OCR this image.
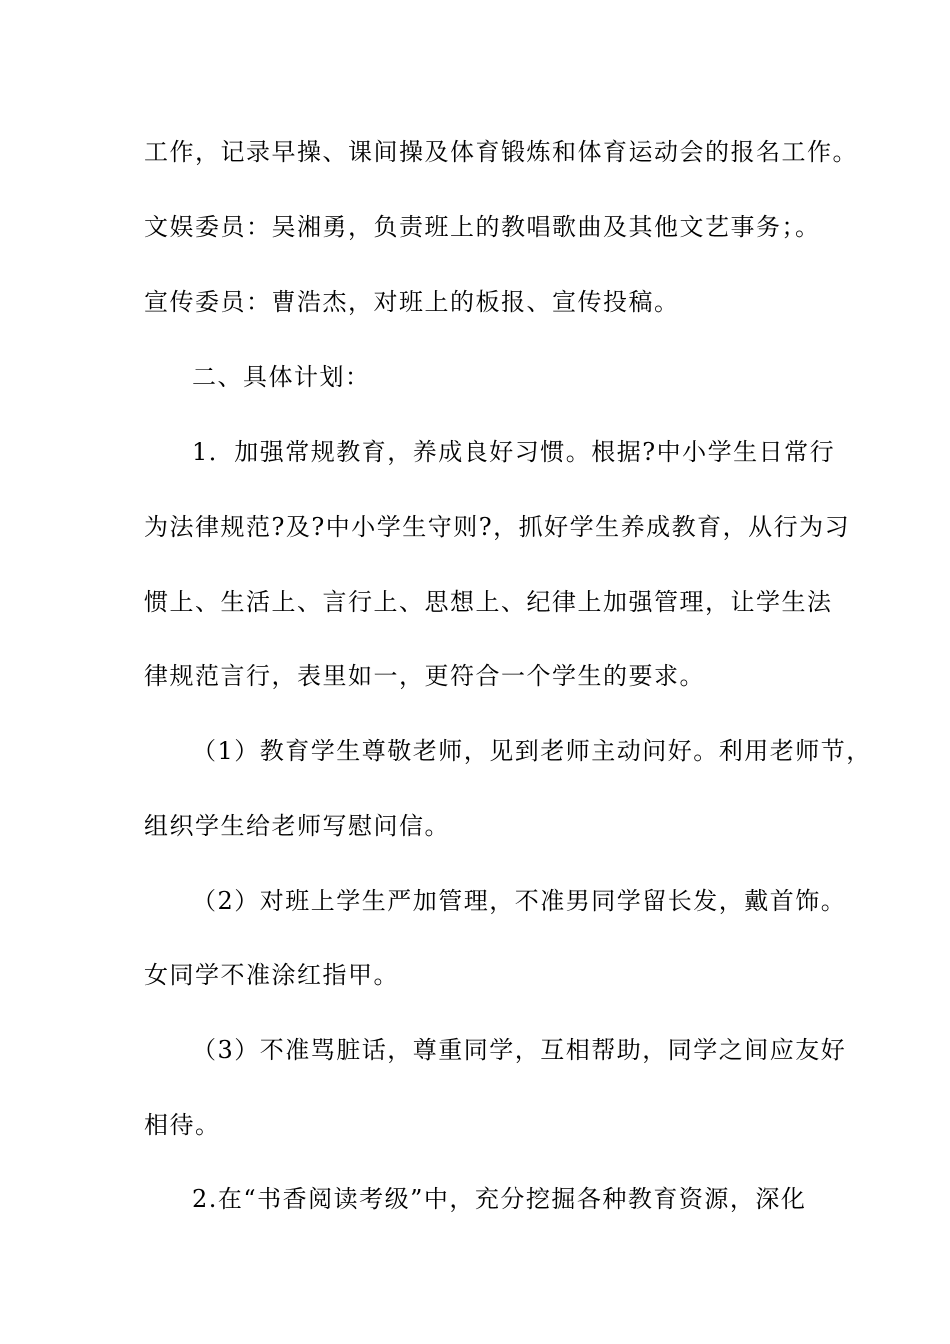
工作，记录早操、课间操及体育锻炼和体育运动会的报名工作。
文娱委员：吴湘勇，负责班上的教唱歌曲及其他文艺事务；。
宣传委员：曹浩杰，对班上的板报、宣传投稿。
二、具体计划：
1．加强常规教育，养成良好习惯。根据?中小学生日常行
为法律规范?及?中小学生守则?，抓好学生养成教育，从行为习
惯上、生活上、言行上、思想上、纪律上加强管理，让学生法
律规范言行，表里如一，更符合一个学生的要求。
（1）教育学生尊敬老师，见到老师主动问好。利用老师节，
组织学生给老师写慰问信。
（2）对班上学生严加管理，不准男同学留长发，戴首饰。
女同学不准涂红指甲。
（3）不准骂脏话，尊重同学，互相帮助，同学之间应友好
相待。
2.在“书香阅读考级”中，充分挖掘各种教育资源，深化
